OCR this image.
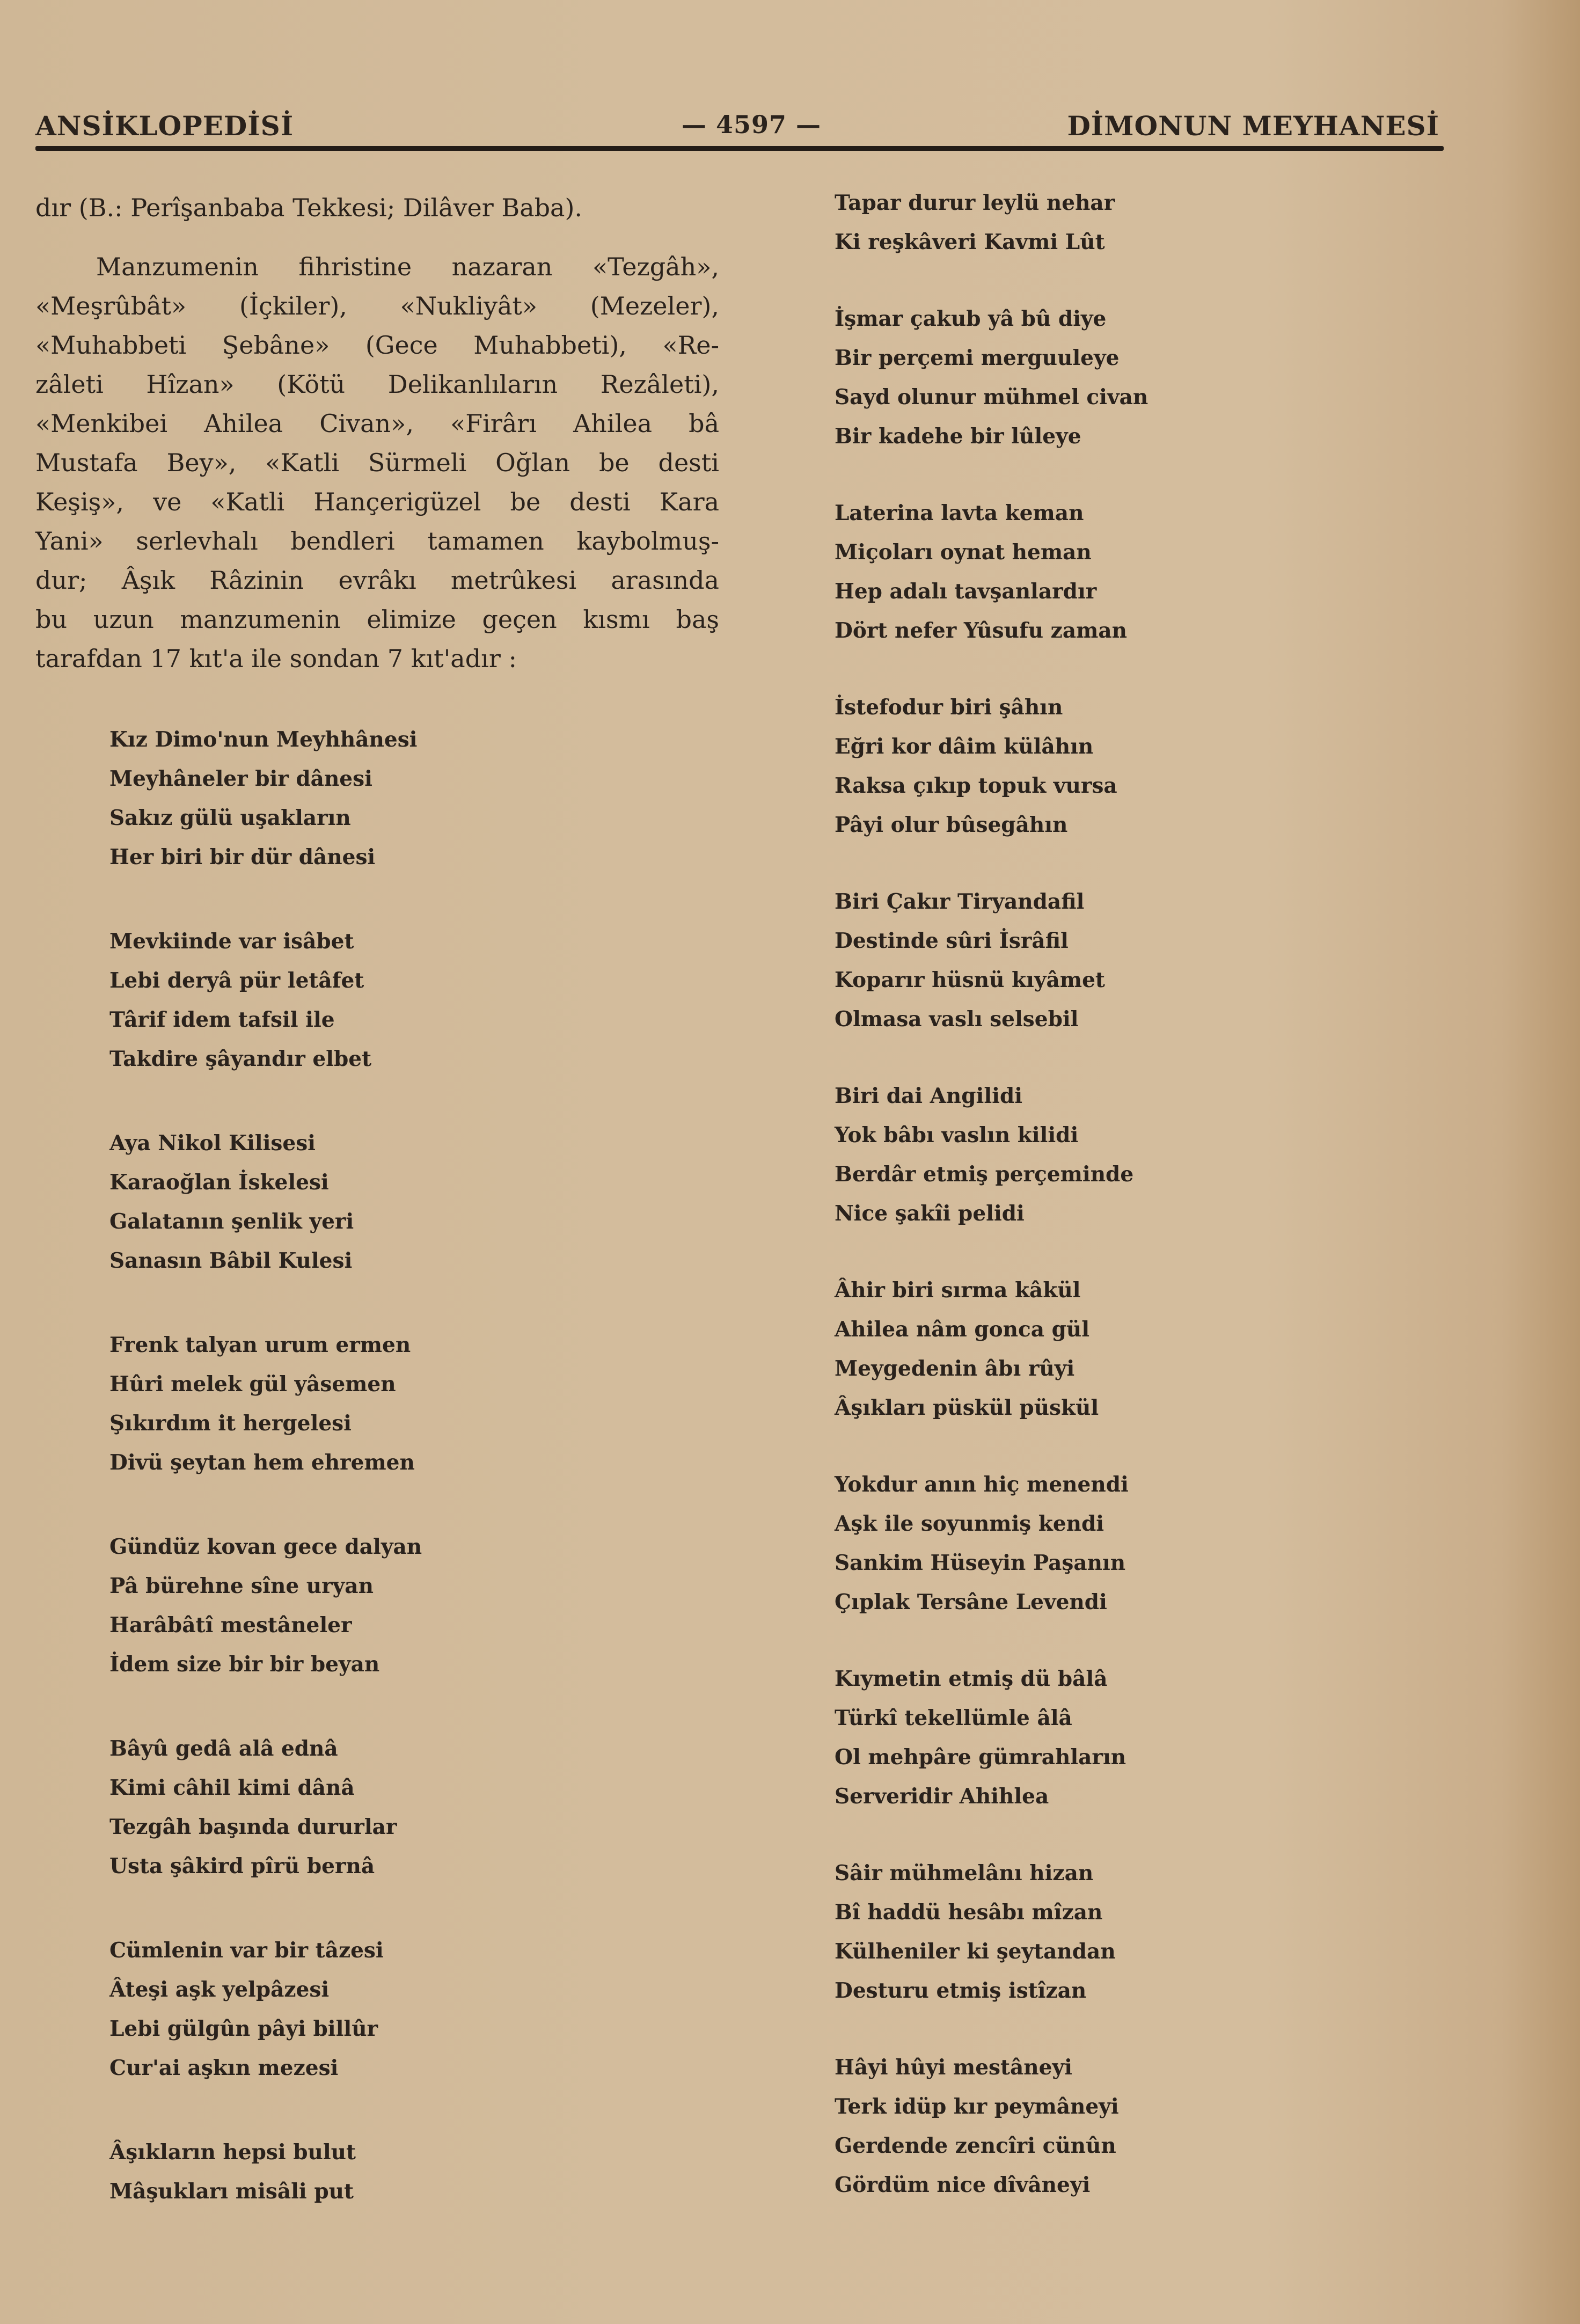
ANSİKLOPEDİSİ	— 4597 —	DİMONUN MEYHANESİ
dır (B.: Perîşanbaba Tekkesi; Dilâver Baba).
Manzumenin fihristine nazaran «Tezgâh»,
«Meşrûbât» (İçkiler), «Nukliyât» (Mezeler),
«Muhabbeti Şebâne» (Gece Muhabbeti), «Re-
zâleti Hîzan» (Kötü Delikanlıların Rezâleti),
«Menkibei Ahilea Civan», «Firârı Ahilea bâ
Mustafa Bey», «Katli Sürmeli Oğlan be desti
Keşiş», ve «Katli Hançerigüzel be desti Kara
Yani» serlevhalı bendleri tamamen kaybolmuş-
dur; Âşık Râzinin evrâkı metrûkesi arasında
bu uzun manzumenin elimize geçen kısmı baş
tarafdan 17 kıt'a ile sondan 7 kıt'adır :
Kız Dimo'nun Meyhhânesi
Meyhâneler bir dânesi
Sakız gülü uşakların
Her biri bir dür dânesi
Mevkiinde var isâbet
Lebi deryâ pür letâfet
Târif idem tafsil ile
Takdire şâyandır elbet
Aya Nikol Kilisesi
Karaoğlan İskelesi
Galatanın şenlik yeri
Sanasın Bâbil Kulesi
Frenk talyan urum ermen
Hûri melek gül yâsemen
Şıkırdım it hergelesi
Divü şeytan hem ehremen
Gündüz kovan gece dalyan
Pâ bürehne sîne uryan
Harâbâtî mestâneler
İdem size bir bir beyan
Bâyû gedâ alâ ednâ
Kimi câhil kimi dânâ
Tezgâh başında dururlar
Usta şâkird pîrü bernâ
Cümlenin var bir tâzesi
Âteşi aşk yelpâzesi
Lebi gülgûn pâyi billûr
Cur'ai aşkın mezesi
Âşıkların hepsi bulut
Mâşukları misâli put
Tapar durur leylü nehar
Ki reşkâveri Kavmi Lût
İşmar çakub yâ bû diye
Bir perçemi merguuleye
Sayd olunur mühmel civan
Bir kadehe bir lûleye
Laterina lavta keman
Miçoları oynat heman
Hep adalı tavşanlardır
Dört nefer Yûsufu zaman
İstefodur biri şâhın
Eğri kor dâim külâhın
Raksa çıkıp topuk vursa
Pâyi olur bûsegâhın
Biri Çakır Tiryandafil
Destinde sûri İsrâfil
Koparır hüsnü kıyâmet
Olmasa vaslı selsebil
Biri dai Angilidi
Yok bâbı vaslın kilidi
Berdâr etmiş perçeminde
Nice şakîi pelidi
Âhir biri sırma kâkül
Ahilea nâm gonca gül
Meygedenin âbı rûyi
Âşıkları püskül püskül
Yokdur anın hiç menendi
Aşk ile soyunmiş kendi
Sankim Hüseyin Paşanın
Çıplak Tersâne Levendi
Kıymetin etmiş dü bâlâ
Türkî tekellümle âlâ
Ol mehpâre gümrahların
Serveridir Ahihlea
Sâir mühmelânı hizan
Bî haddü hesâbı mîzan
Külheniler ki şeytandan
Desturu etmiş istîzan
Hâyi hûyi mestâneyi
Terk idüp kır peymâneyi
Gerdende zencîri cünûn
Gördüm nice dîvâneyi
